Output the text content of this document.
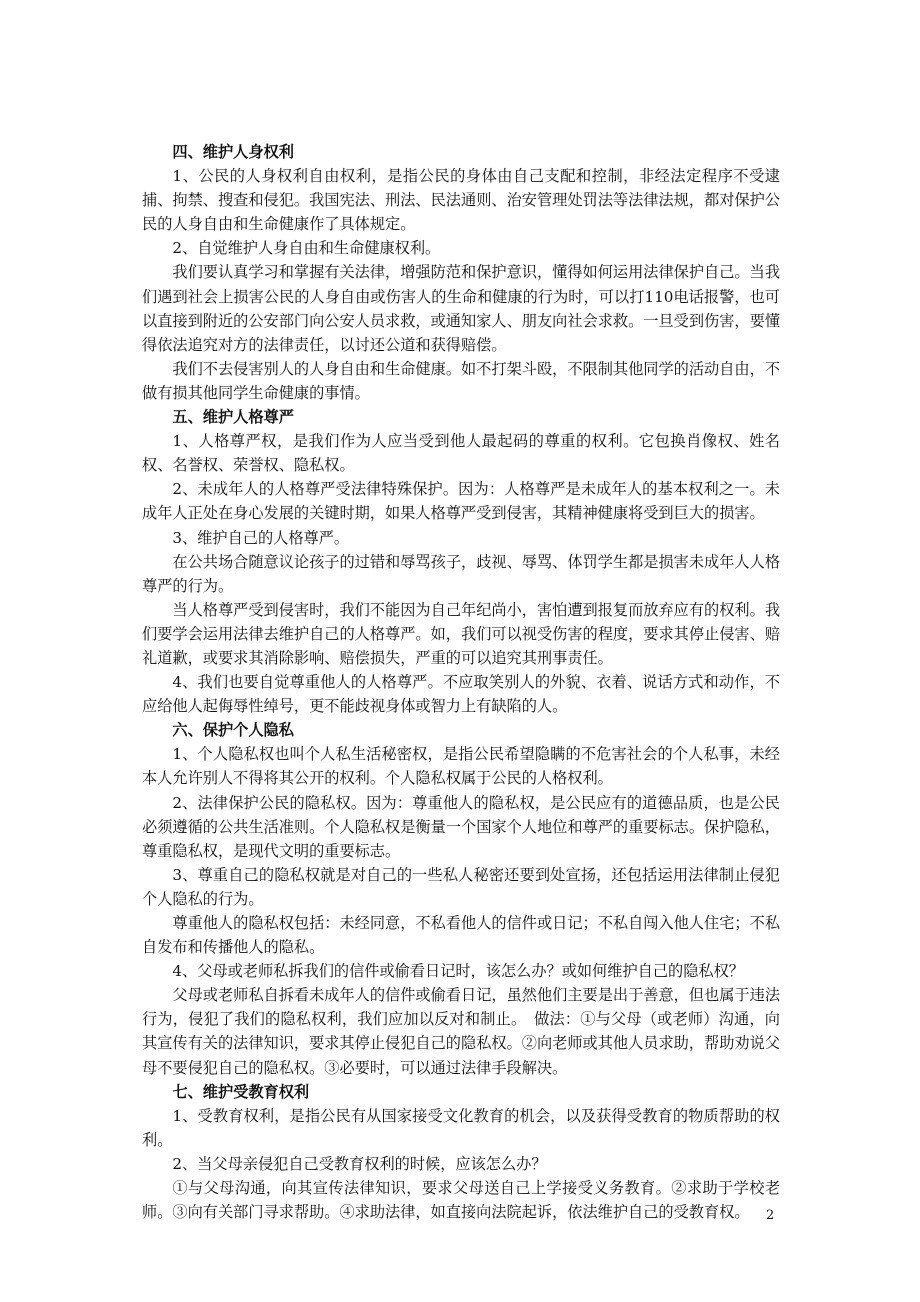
四、维护人身权利

1、公民的人身权利自由权利，是指公民的身体由自己支配和控制，非经法定程序不受逮捕、拘禁、搜查和侵犯。我国宪法、刑法、民法通则、治安管理处罚法等法律法规，都对保护公民的人身自由和生命健康作了具体规定。

2、自觉维护人身自由和生命健康权利。

我们要认真学习和掌握有关法律，增强防范和保护意识，懂得如何运用法律保护自己。当我们遇到社会上损害公民的人身自由或伤害人的生命和健康的行为时，可以打110电话报警，也可以直接到附近的公安部门向公安人员求救，或通知家人、朋友向社会求救。一旦受到伤害，要懂得依法追究对方的法律责任，以讨还公道和获得赔偿。

我们不去侵害别人的人身自由和生命健康。如不打架斗殴，不限制其他同学的活动自由，不做有损其他同学生命健康的事情。

五、维护人格尊严

1、人格尊严权，是我们作为人应当受到他人最起码的尊重的权利。它包换肖像权、姓名权、名誉权、荣誉权、隐私权。

2、未成年人的人格尊严受法律特殊保护。因为：人格尊严是未成年人的基本权利之一。未成年人正处在身心发展的关键时期，如果人格尊严受到侵害，其精神健康将受到巨大的损害。

3、维护自己的人格尊严。

在公共场合随意议论孩子的过错和辱骂孩子，歧视、辱骂、体罚学生都是损害未成年人人格尊严的行为。

当人格尊严受到侵害时，我们不能因为自己年纪尚小，害怕遭到报复而放弃应有的权利。我们要学会运用法律去维护自己的人格尊严。如，我们可以视受伤害的程度，要求其停止侵害、赔礼道歉，或要求其消除影响、赔偿损失，严重的可以追究其刑事责任。

4、我们也要自觉尊重他人的人格尊严。不应取笑别人的外貌、衣着、说话方式和动作，不应给他人起侮辱性绰号，更不能歧视身体或智力上有缺陷的人。

六、保护个人隐私

1、个人隐私权也叫个人私生活秘密权，是指公民希望隐瞒的不危害社会的个人私事，未经本人允许别人不得将其公开的权利。个人隐私权属于公民的人格权利。

2、法律保护公民的隐私权。因为：尊重他人的隐私权，是公民应有的道德品质，也是公民必须遵循的公共生活准则。个人隐私权是衡量一个国家个人地位和尊严的重要标志。保护隐私，尊重隐私权，是现代文明的重要标志。

3、尊重自己的隐私权就是对自己的一些私人秘密还要到处宣扬，还包括运用法律制止侵犯个人隐私的行为。

尊重他人的隐私权包括：未经同意，不私看他人的信件或日记；不私自闯入他人住宅；不私自发布和传播他人的隐私。

4、父母或老师私拆我们的信件或偷看日记时，该怎么办？或如何维护自己的隐私权？

父母或老师私自拆看未成年人的信件或偷看日记，虽然他们主要是出于善意，但也属于违法行为，侵犯了我们的隐私权利，我们应加以反对和制止。　做法：①与父母（或老师）沟通，向其宣传有关的法律知识，要求其停止侵犯自己的隐私权。②向老师或其他人员求助，帮助劝说父母不要侵犯自己的隐私权。③必要时，可以通过法律手段解决。

七、维护受教育权利

1、受教育权利，是指公民有从国家接受文化教育的机会，以及获得受教育的物质帮助的权利。

2、当父母亲侵犯自己受教育权利的时候，应该怎么办？

①与父母沟通，向其宣传法律知识，要求父母送自己上学接受义务教育。②求助于学校老师。③向有关部门寻求帮助。④求助法律，如直接向法院起诉，依法维护自己的受教育权。	2
